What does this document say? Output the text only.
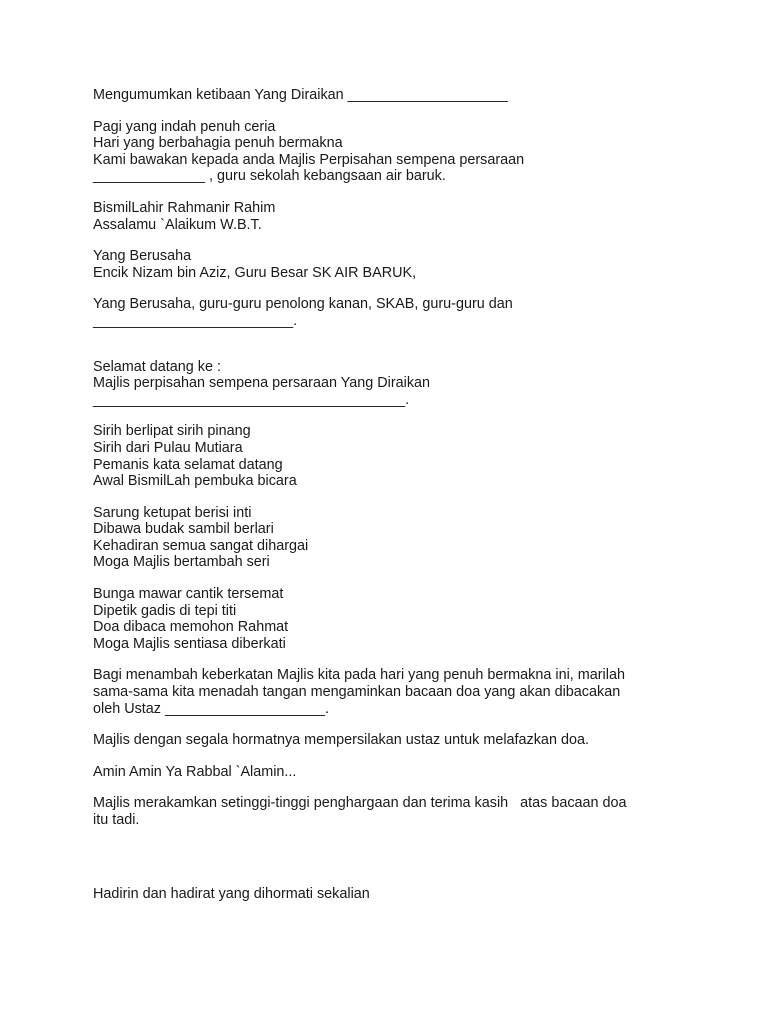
Mengumumkan ketibaan Yang Diraikan ____________________
Pagi yang indah penuh ceria
Hari yang berbahagia penuh bermakna
Kami bawakan kepada anda Majlis Perpisahan sempena persaraan
______________ , guru sekolah kebangsaan air baruk.
BismilLahir Rahmanir Rahim
Assalamu `Alaikum W.B.T.
Yang Berusaha
Encik Nizam bin Aziz, Guru Besar SK AIR BARUK,
Yang Berusaha, guru-guru penolong kanan, SKAB, guru-guru dan
_________________________.
Selamat datang ke :
Majlis perpisahan sempena persaraan Yang Diraikan
_______________________________________.
Sirih berlipat sirih pinang
Sirih dari Pulau Mutiara
Pemanis kata selamat datang
Awal BismilLah pembuka bicara
Sarung ketupat berisi inti
Dibawa budak sambil berlari
Kehadiran semua sangat dihargai
Moga Majlis bertambah seri
Bunga mawar cantik tersemat
Dipetik gadis di tepi titi
Doa dibaca memohon Rahmat
Moga Majlis sentiasa diberkati
Bagi menambah keberkatan Majlis kita pada hari yang penuh bermakna ini, marilah
sama-sama kita menadah tangan mengaminkan bacaan doa yang akan dibacakan
oleh Ustaz ____________________.
Majlis dengan segala hormatnya mempersilakan ustaz untuk melafazkan doa.
Amin Amin Ya Rabbal `Alamin...
Majlis merakamkan setinggi-tinggi penghargaan dan terima kasih   atas bacaan doa
itu tadi.
Hadirin dan hadirat yang dihormati sekalian
